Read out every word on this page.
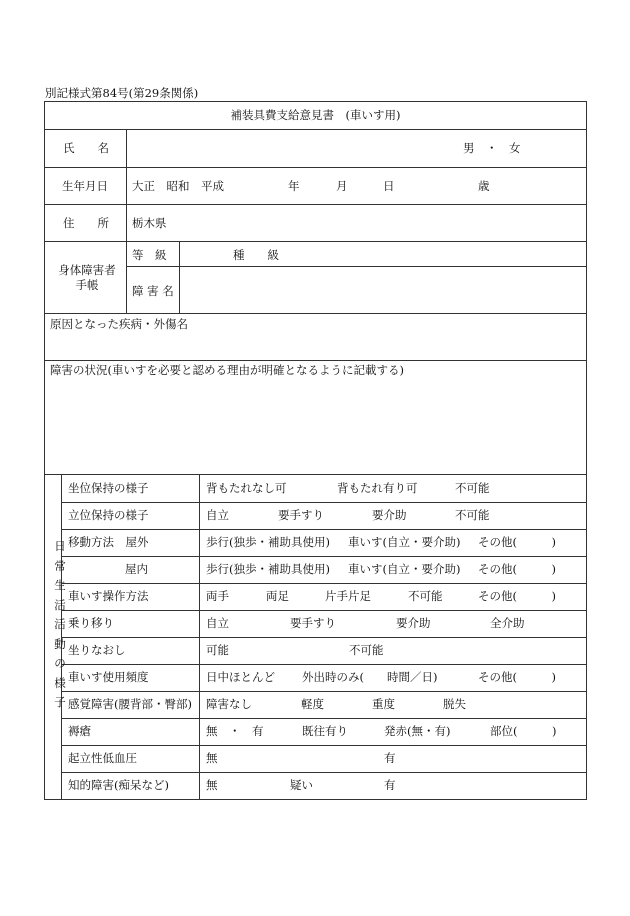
別記様式第84号(第29条関係)
補装具費支給意見書　(車いす用)
氏　　名	男　・　女
生年月日 大正　昭和　平成	年	月	日	歳
住　　所 栃木県
身体障害者
手帳
等　級	種　　級
障 害 名
原因となった疾病・外傷名
障害の状況(車いすを必要と認める理由が明確となるように記載する)
日
常
生
活
活
動
の
様
子
坐位保持の様子	背もたれなし可	背もたれ有り可	不可能
立位保持の様子	自立	要手すり	要介助	不可能
移動方法　屋外	歩行(独歩・補助具使用) 車いす(自立・要介助) その他(　　　)
屋内	歩行(独歩・補助具使用) 車いす(自立・要介助) その他(　　　)
車いす操作方法	両手	両足	片手片足	不可能	その他(　　　)
乗り移り	自立	要手すり	要介助	全介助
坐りなおし	可能	不可能
車いす使用頻度	日中ほとんど 外出時のみ(　　時間／日)	その他(　　　)
感覚障害(腰背部・臀部) 障害なし	軽度	重度	脱失
褥瘡	無　・　有	既往有り	発赤(無・有)	部位(　　　)
起立性低血圧	無	有
知的障害(痴呆など)	無	疑い	有
